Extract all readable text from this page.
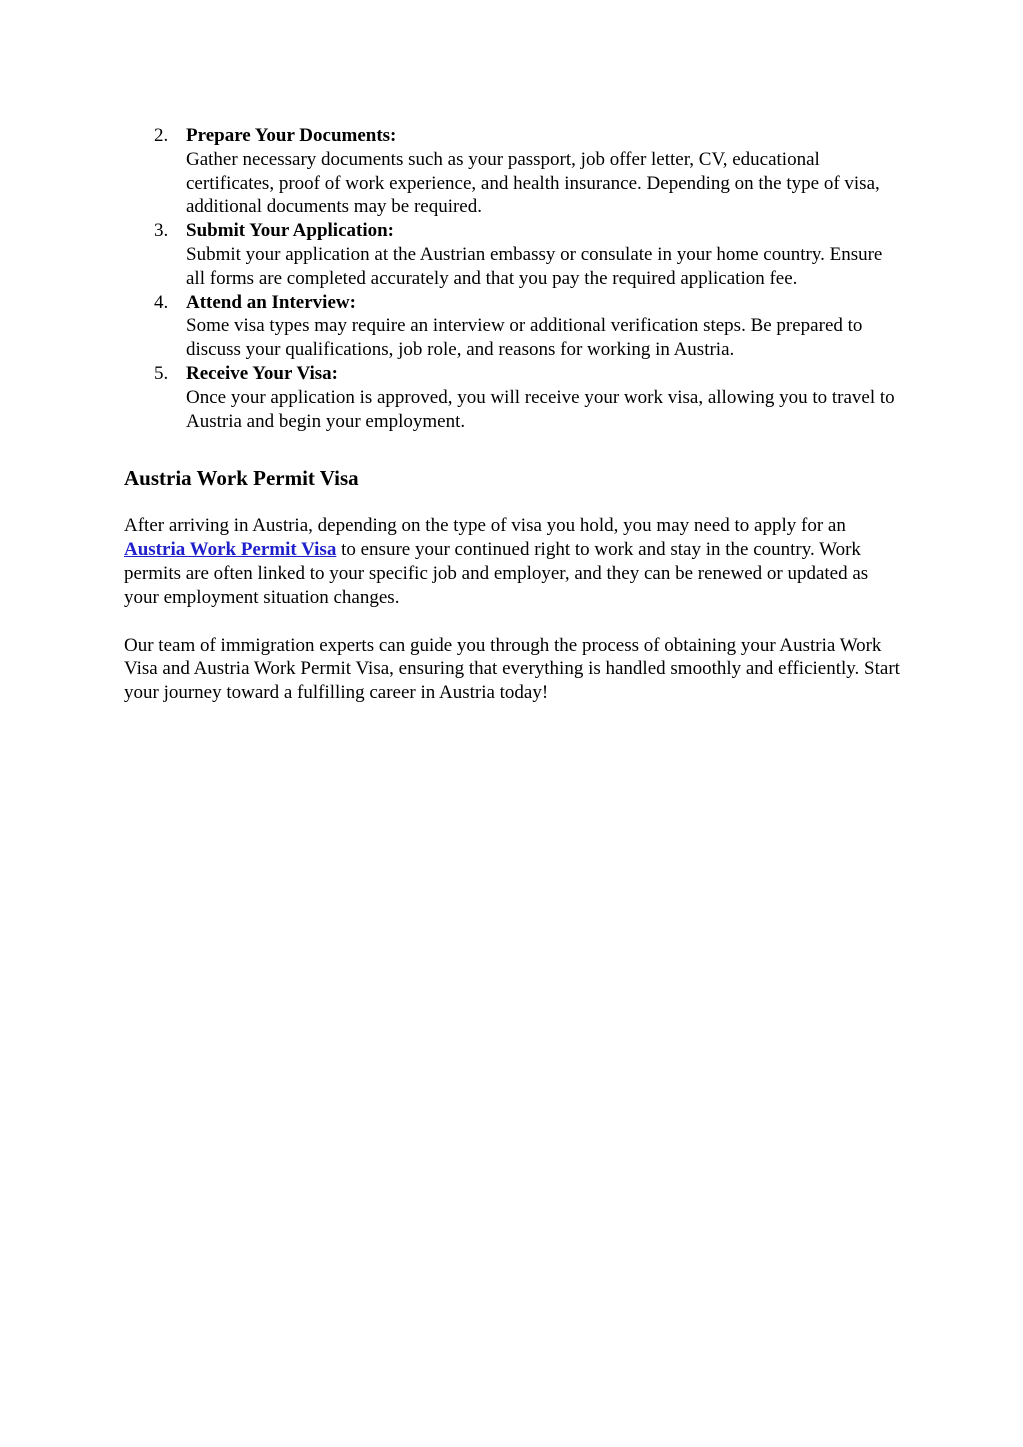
2. Prepare Your Documents:
Gather necessary documents such as your passport, job offer letter, CV, educational certificates, proof of work experience, and health insurance. Depending on the type of visa, additional documents may be required.
3. Submit Your Application:
Submit your application at the Austrian embassy or consulate in your home country. Ensure all forms are completed accurately and that you pay the required application fee.
4. Attend an Interview:
Some visa types may require an interview or additional verification steps. Be prepared to discuss your qualifications, job role, and reasons for working in Austria.
5. Receive Your Visa:
Once your application is approved, you will receive your work visa, allowing you to travel to Austria and begin your employment.
Austria Work Permit Visa

After arriving in Austria, depending on the type of visa you hold, you may need to apply for an Austria Work Permit Visa to ensure your continued right to work and stay in the country. Work permits are often linked to your specific job and employer, and they can be renewed or updated as your employment situation changes.

Our team of immigration experts can guide you through the process of obtaining your Austria Work Visa and Austria Work Permit Visa, ensuring that everything is handled smoothly and efficiently. Start your journey toward a fulfilling career in Austria today!
